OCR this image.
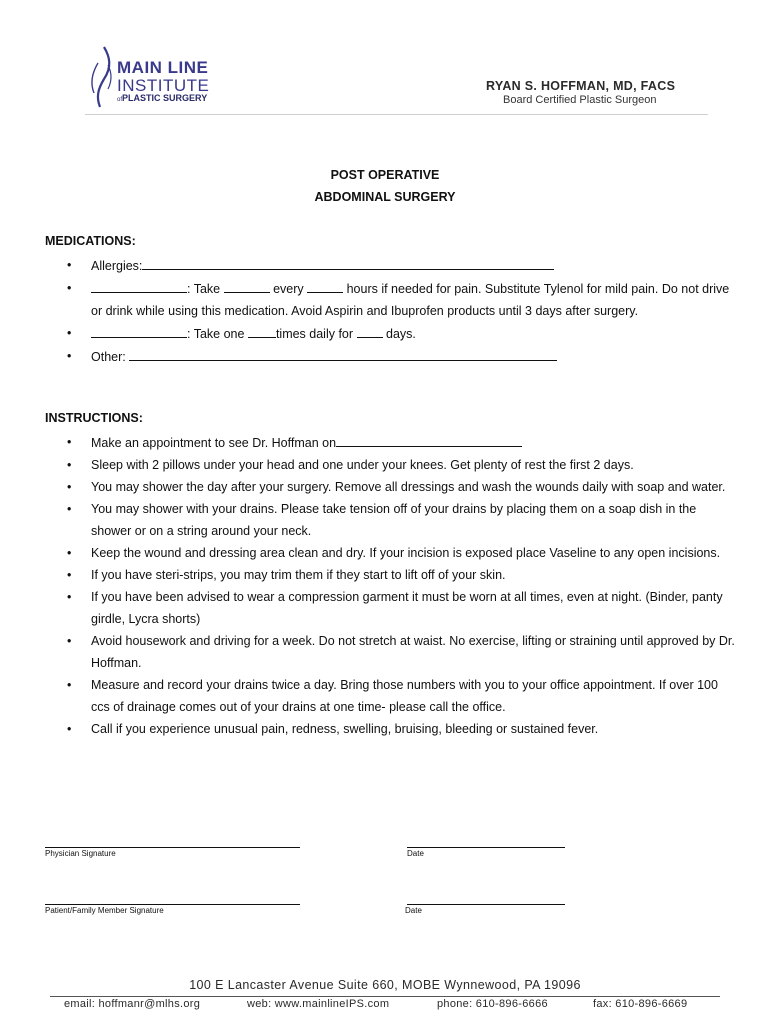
MAIN LINE
INSTITUTE
ofPLASTIC SURGERY
RYAN S. HOFFMAN, MD, FACS
Board Certified Plastic Surgeon
POST OPERATIVE
ABDOMINAL SURGERY
MEDICATIONS:
• Allergies:
• : Take	every	hours if needed for pain. Substitute Tylenol for mild pain. Do not drive or drink while using this medication. Avoid Aspirin and Ibuprofen products until 3 days after surgery.
• : Take one times daily for  days.
• Other:
INSTRUCTIONS:
• Make an appointment to see Dr. Hoffman on
• Sleep with 2 pillows under your head and one under your knees. Get plenty of rest the first 2 days.
• You may shower the day after your surgery. Remove all dressings and wash the wounds daily with soap and water.
• You may shower with your drains. Please take tension off of your drains by placing them on a soap dish in the shower or on a string around your neck.
• Keep the wound and dressing area clean and dry. If your incision is exposed place Vaseline to any open incisions.
• If you have steri-strips, you may trim them if they start to lift off of your skin.
• If you have been advised to wear a compression garment it must be worn at all times, even at night. (Binder, panty girdle, Lycra shorts)
• Avoid housework and driving for a week. Do not stretch at waist. No exercise, lifting or straining until approved by Dr. Hoffman.
• Measure and record your drains twice a day. Bring those numbers with you to your office appointment. If over 100 ccs of drainage comes out of your drains at one time- please call the office.
• Call if you experience unusual pain, redness, swelling, bruising, bleeding or sustained fever.
Physician Signature	Date
Patient/Family Member Signature	Date
100 E Lancaster Avenue Suite 660, MOBE Wynnewood, PA 19096
email: hoffmanr@mlhs.org	web: www.mainlineIPS.com	phone: 610-896-6666	fax: 610-896-6669
